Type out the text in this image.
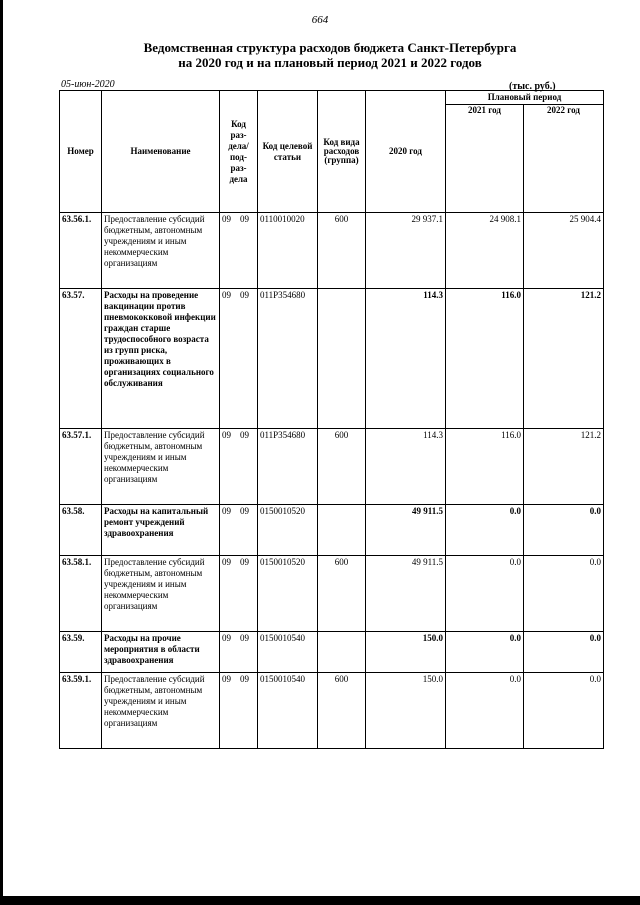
664
Ведомственная структура расходов бюджета Санкт-Петербурга
на 2020 год и на плановый период 2021 и 2022 годов
05-июн-2020	(тыс. руб.)
Номер	Наименование	Код раз-дела/ под-раз-дела	Код целевой статьи	Код вида расходов (группа)	2020 год	Плановый период	
						2021 год	2022 год
63.56.1.	Предоставление субсидий бюджетным, автономным учреждениям и иным некоммерческим организациям	09 09	0110010020	600	29 937.1	24 908.1	25 904.4
63.57.	Расходы на проведение вакцинации против пневмококковой инфекции граждан старше трудоспособного возраста из групп риска, проживающих в организациях социального обслуживания	09 09	011P354680		114.3	116.0	121.2
63.57.1.	Предоставление субсидий бюджетным, автономным учреждениям и иным некоммерческим организациям	09 09	011P354680	600	114.3	116.0	121.2
63.58.	Расходы на капитальный ремонт учреждений здравоохранения	09 09	0150010520		49 911.5	0.0	0.0
63.58.1.	Предоставление субсидий бюджетным, автономным учреждениям и иным некоммерческим организациям	09 09	0150010520	600	49 911.5	0.0	0.0
63.59.	Расходы на прочие мероприятия в области здравоохранения	09 09	0150010540		150.0	0.0	0.0
63.59.1.	Предоставление субсидий бюджетным, автономным учреждениям и иным некоммерческим организациям	09 09	0150010540	600	150.0	0.0	0.0
